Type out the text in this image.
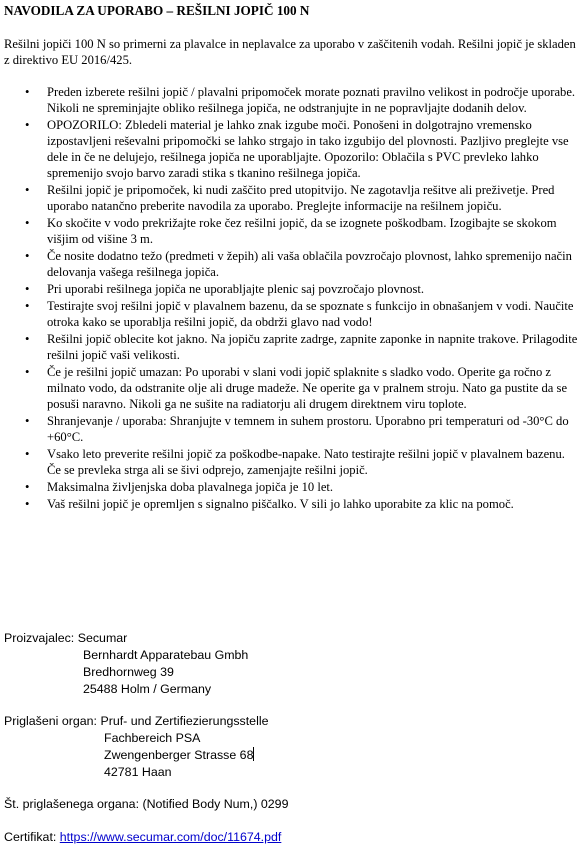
NAVODILA ZA UPORABO – REŠILNI JOPIČ 100 N
Rešilni jopiči 100 N so primerni za plavalce in neplavalce za uporabo v zaščitenih vodah. Rešilni jopič je skladen z direktivo EU 2016/425.
• Preden izberete rešilni jopič / plavalni pripomoček morate poznati pravilno velikost in področje uporabe. Nikoli ne spreminjajte obliko rešilnega jopiča, ne odstranjujte in ne popravljajte dodanih delov.
• OPOZORILO: Zbledeli material je lahko znak izgube moči. Ponošeni in dolgotrajno vremensko izpostavljeni reševalni pripomočki se lahko strgajo in tako izgubijo del plovnosti. Pazljivo preglejte vse dele in če ne delujejo, rešilnega jopiča ne uporabljajte. Opozorilo: Oblačila s PVC prevleko lahko spremenijo svojo barvo zaradi stika s tkanino rešilnega jopiča.
• Rešilni jopič je pripomoček, ki nudi zaščito pred utopitvijo. Ne zagotavlja rešitve ali preživetje. Pred uporabo natančno preberite navodila za uporabo. Preglejte informacije na rešilnem jopiču.
• Ko skočite v vodo prekrižajte roke čez rešilni jopič, da se izognete poškodbam. Izogibajte se skokom višjim od višine 3 m.
• Če nosite dodatno težo (predmeti v žepih) ali vaša oblačila povzročajo plovnost, lahko spremenijo način delovanja vašega rešilnega jopiča.
• Pri uporabi rešilnega jopiča ne uporabljajte plenic saj povzročajo plovnost.
• Testirajte svoj rešilni jopič v plavalnem bazenu, da se spoznate s funkcijo in obnašanjem v vodi. Naučite otroka kako se uporablja rešilni jopič, da obdrži glavo nad vodo!
• Rešilni jopič oblecite kot jakno. Na jopiču zaprite zadrge, zapnite zaponke in napnite trakove. Prilagodite rešilni jopič vaši velikosti.
• Če je rešilni jopič umazan: Po uporabi v slani vodi jopič splaknite s sladko vodo. Operite ga ročno z milnato vodo, da odstranite olje ali druge madeže. Ne operite ga v pralnem stroju. Nato ga pustite da se posuši naravno. Nikoli ga ne sušite na radiatorju ali drugem direktnem viru toplote.
• Shranjevanje / uporaba: Shranjujte v temnem in suhem prostoru. Uporabno pri temperaturi od -30°C do +60°C.
• Vsako leto preverite rešilni jopič za poškodbe-napake. Nato testirajte rešilni jopič v plavalnem bazenu. Če se prevleka strga ali se šivi odprejo, zamenjajte rešilni jopič.
• Maksimalna življenjska doba plavalnega jopiča je 10 let.
• Vaš rešilni jopič je opremljen s signalno piščalko. V sili jo lahko uporabite za klic na pomoč.
Proizvajalec:
Secumar
Bernhardt Apparatebau Gmbh
Bredhornweg 39
25488 Holm / Germany
Priglašeni organ:
Pruf- und Zertifiezierungsstelle
Fachbereich PSA
Zwengenberger Strasse 68
42781 Haan
Št. priglašenega organa: (Notified Body Num,) 0299
Certifikat: https://www.secumar.com/doc/11674.pdf
